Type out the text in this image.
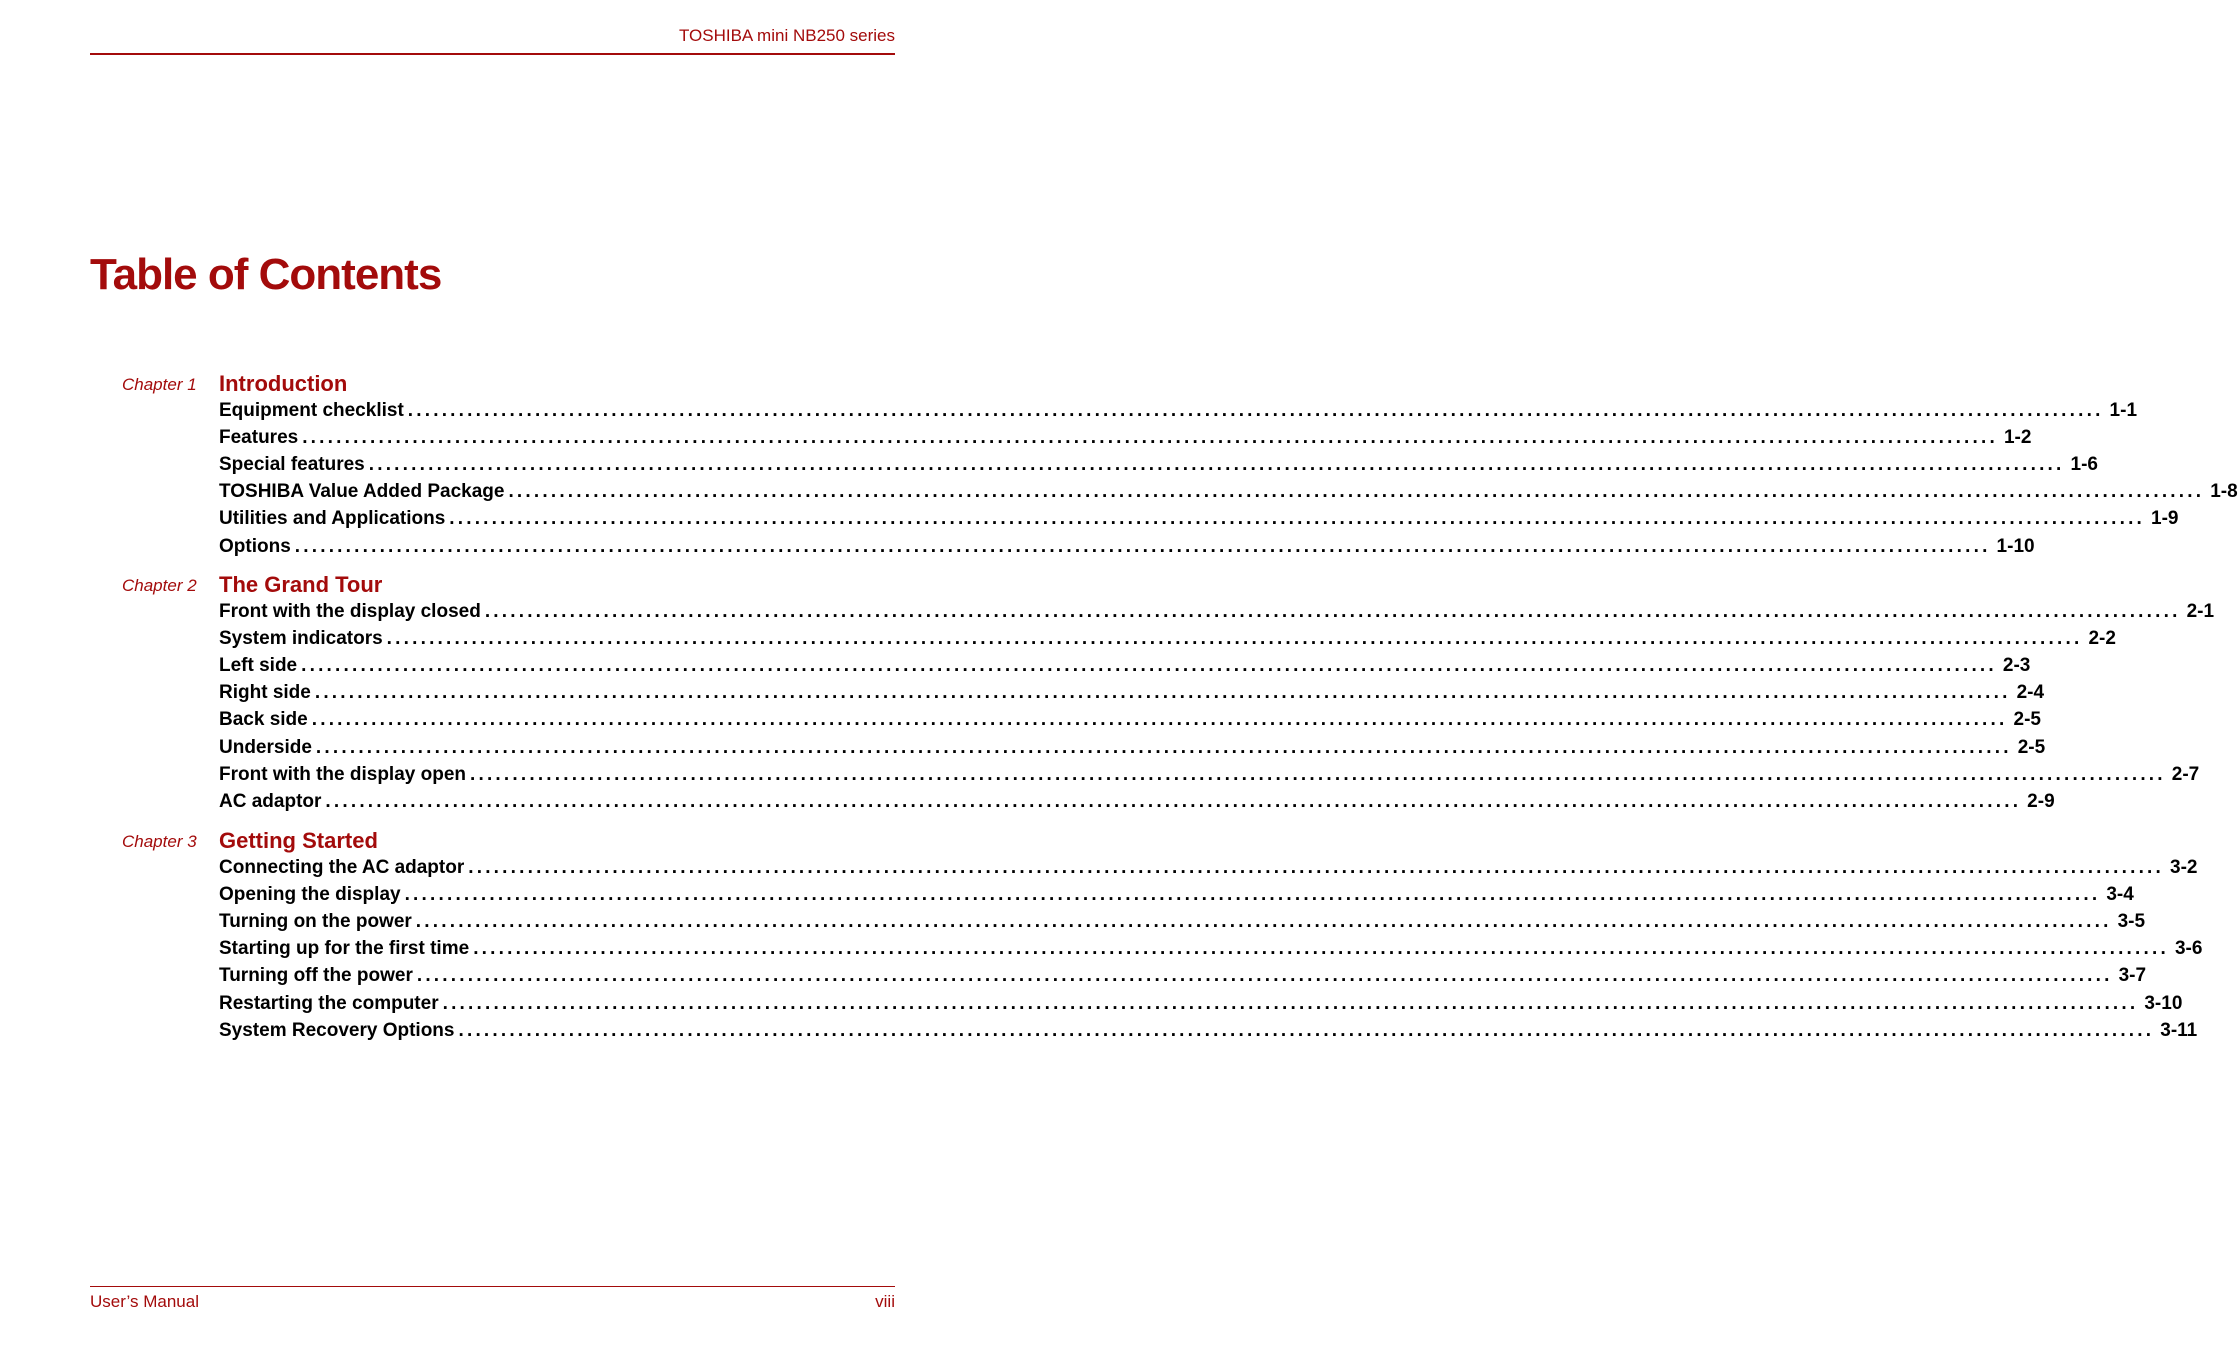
TOSHIBA mini NB250 series
Table of Contents
Chapter 1 Introduction
Equipment checklist ........................................................................................................................................................................................................ 1-1
Features ........................................................................................................................................................................................................ 1-2
Special features ........................................................................................................................................................................................................ 1-6
TOSHIBA Value Added Package ........................................................................................................................................................................................................ 1-8
Utilities and Applications ........................................................................................................................................................................................................ 1-9
Options ........................................................................................................................................................................................................ 1-10
Chapter 2 The Grand Tour
Front with the display closed ........................................................................................................................................................................................................ 2-1
System indicators ........................................................................................................................................................................................................ 2-2
Left side ........................................................................................................................................................................................................ 2-3
Right side ........................................................................................................................................................................................................ 2-4
Back side ........................................................................................................................................................................................................ 2-5
Underside ........................................................................................................................................................................................................ 2-5
Front with the display open ........................................................................................................................................................................................................ 2-7
AC adaptor ........................................................................................................................................................................................................ 2-9
Chapter 3 Getting Started
Connecting the AC adaptor ........................................................................................................................................................................................................ 3-2
Opening the display ........................................................................................................................................................................................................ 3-4
Turning on the power ........................................................................................................................................................................................................ 3-5
Starting up for the first time ........................................................................................................................................................................................................ 3-6
Turning off the power ........................................................................................................................................................................................................ 3-7
Restarting the computer ........................................................................................................................................................................................................ 3-10
System Recovery Options ........................................................................................................................................................................................................ 3-11
User’s Manual	viii
